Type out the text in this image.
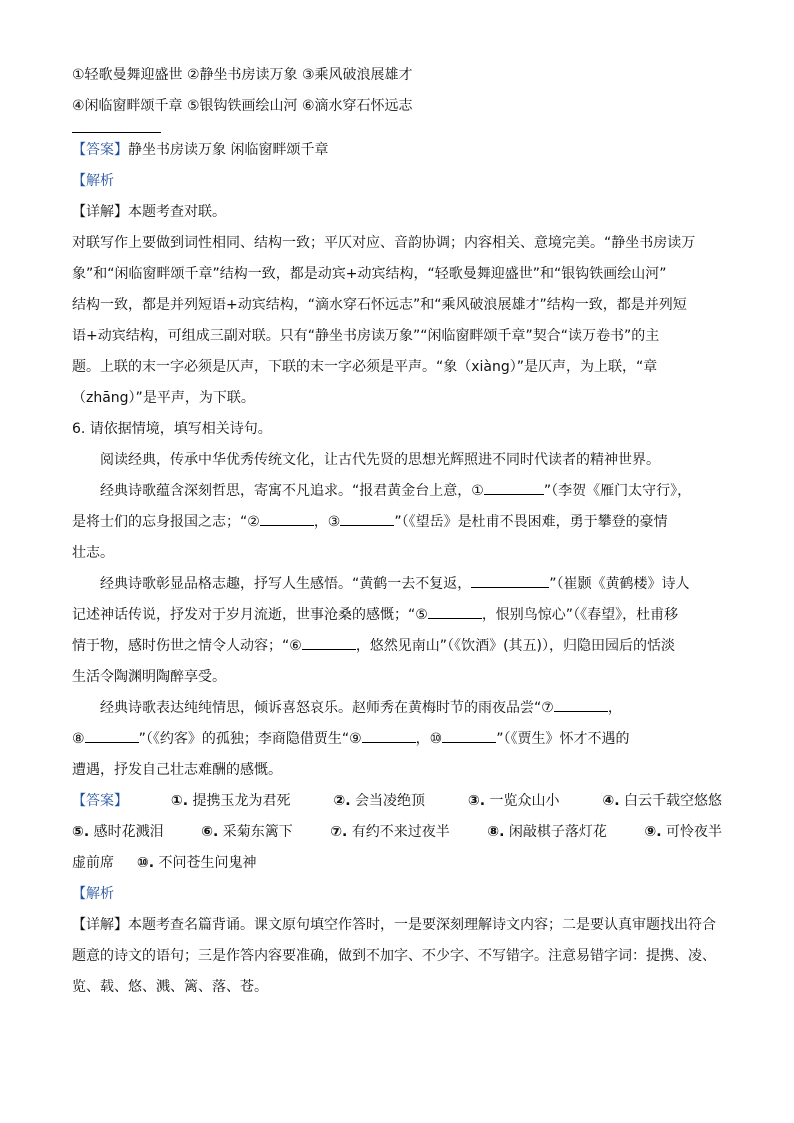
①轻歌曼舞迎盛世 ②静坐书房读万象 ③乘风破浪展雄才
④闲临窗畔颂千章 ⑤银钩铁画绘山河 ⑥滴水穿石怀远志
【答案】静坐书房读万象 闲临窗畔颂千章
【解析
【详解】本题考查对联。
对联写作上要做到词性相同、结构一致；平仄对应、音韵协调；内容相关、意境完美。“静坐书房读万
象”和“闲临窗畔颂千章”结构一致，都是动宾+动宾结构，“轻歌曼舞迎盛世”和“银钩铁画绘山河”
结构一致，都是并列短语+动宾结构，“滴水穿石怀远志”和“乘风破浪展雄才”结构一致，都是并列短
语+动宾结构，可组成三副对联。只有“静坐书房读万象”“闲临窗畔颂千章”契合“读万卷书”的主
题。上联的末一字必须是仄声，下联的末一字必须是平声。“象（xiàng）”是仄声，为上联，“章
（zhāng）”是平声，为下联。
6. 请依据情境，填写相关诗句。
阅读经典，传承中华优秀传统文化，让古代先贤的思想光辉照进不同时代读者的精神世界。
经典诗歌蕴含深刻哲思，寄寓不凡追求。“报君黄金台上意，①	”（李贺《雁门太守行》，
是将士们的忘身报国之志；“②	，③	”（《望岳》是杜甫不畏困难，勇于攀登的豪情
壮志。
经典诗歌彰显品格志趣，抒写人生感悟。“黄鹤一去不复返，	”（崔颢《黄鹤楼》诗人
记述神话传说，抒发对于岁月流逝，世事沧桑的感慨；“⑤	，恨别鸟惊心”（《春望》，杜甫移
情于物，感时伤世之情令人动容；“⑥	，悠然见南山”（《饮酒》(其五)），归隐田园后的恬淡
生活令陶渊明陶醉享受。
经典诗歌表达纯纯情思，倾诉喜怒哀乐。赵师秀在黄梅时节的雨夜品尝“⑦	，
⑧	”（《约客》的孤独；李商隐借贾生“⑨	，⑩	”（《贾生》怀才不遇的
遭遇，抒发自己壮志难酬的感慨。
【答案】	①. 提携玉龙为君死	②. 会当凌绝顶	③. 一览众山小	④. 白云千载空悠悠
⑤. 感时花溅泪	⑥. 采菊东篱下	⑦. 有约不来过夜半	⑧. 闲敲棋子落灯花	⑨. 可怜夜半
虚前席 ⑩. 不问苍生问鬼神
【解析
【详解】本题考查名篇背诵。课文原句填空作答时，一是要深刻理解诗文内容；二是要认真审题找出符合
题意的诗文的语句；三是作答内容要准确，做到不加字、不少字、不写错字。注意易错字词：提携、凌、
览、载、悠、溅、篱、落、苍。
